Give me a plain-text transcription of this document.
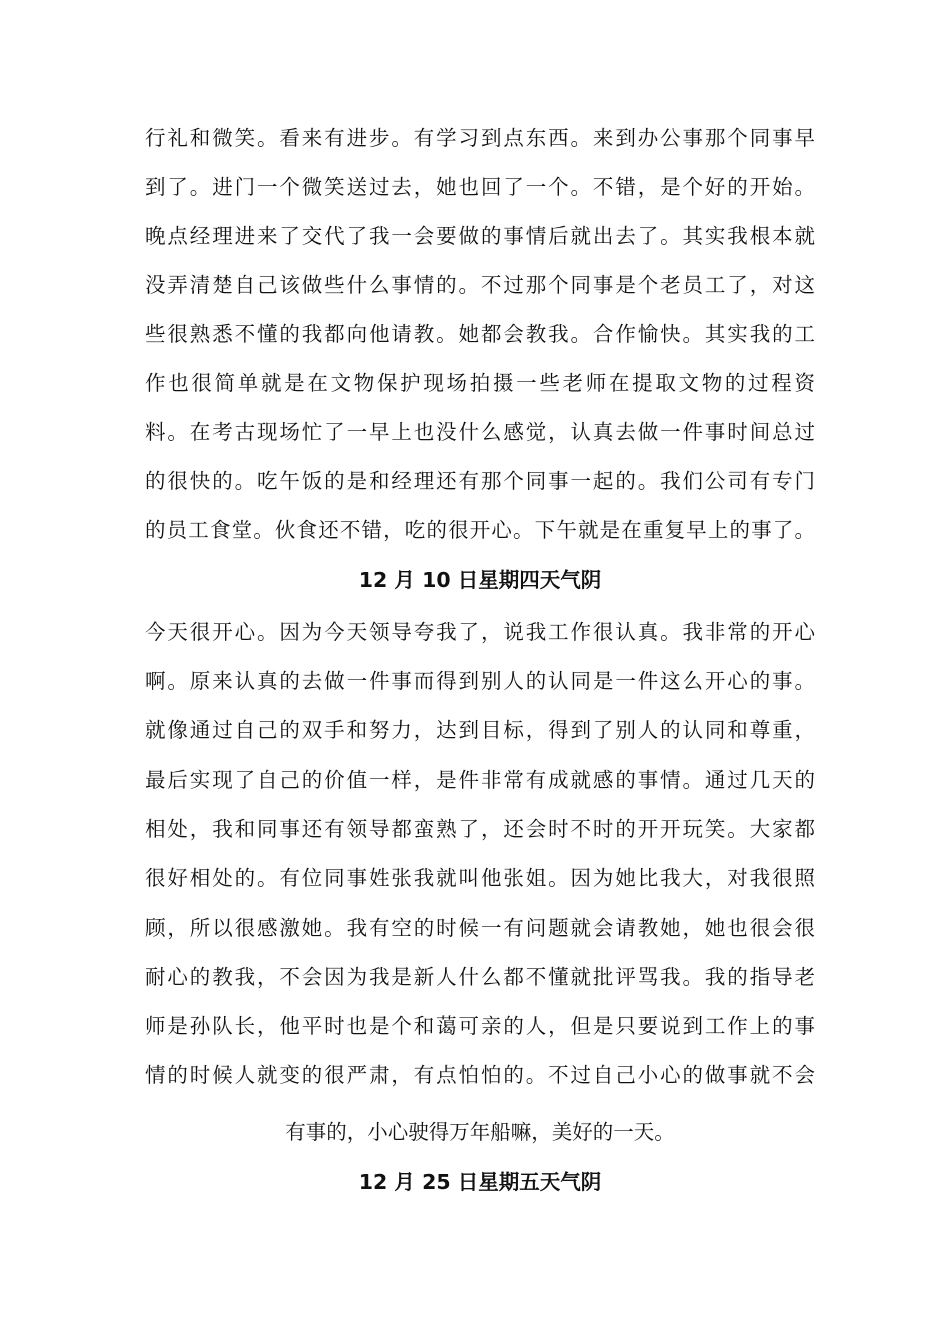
行礼和微笑。看来有进步。有学习到点东西。来到办公事那个同事早
到了。进门一个微笑送过去，她也回了一个。不错，是个好的开始。
晚点经理进来了交代了我一会要做的事情后就出去了。其实我根本就
没弄清楚自己该做些什么事情的。不过那个同事是个老员工了，对这
些很熟悉不懂的我都向他请教。她都会教我。合作愉快。其实我的工
作也很简单就是在文物保护现场拍摄一些老师在提取文物的过程资
料。在考古现场忙了一早上也没什么感觉，认真去做一件事时间总过
的很快的。吃午饭的是和经理还有那个同事一起的。我们公司有专门
的员工食堂。伙食还不错，吃的很开心。下午就是在重复早上的事了。
12 月 10 日星期四天气阴
今天很开心。因为今天领导夸我了，说我工作很认真。我非常的开心
啊。原来认真的去做一件事而得到别人的认同是一件这么开心的事。
就像通过自己的双手和努力，达到目标，得到了别人的认同和尊重，
最后实现了自己的价值一样，是件非常有成就感的事情。通过几天的
相处，我和同事还有领导都蛮熟了，还会时不时的开开玩笑。大家都
很好相处的。有位同事姓张我就叫他张姐。因为她比我大，对我很照
顾，所以很感激她。我有空的时候一有问题就会请教她，她也很会很
耐心的教我，不会因为我是新人什么都不懂就批评骂我。我的指导老
师是孙队长，他平时也是个和蔼可亲的人，但是只要说到工作上的事
情的时候人就变的很严肃，有点怕怕的。不过自己小心的做事就不会
有事的，小心驶得万年船嘛，美好的一天。
12 月 25 日星期五天气阴
